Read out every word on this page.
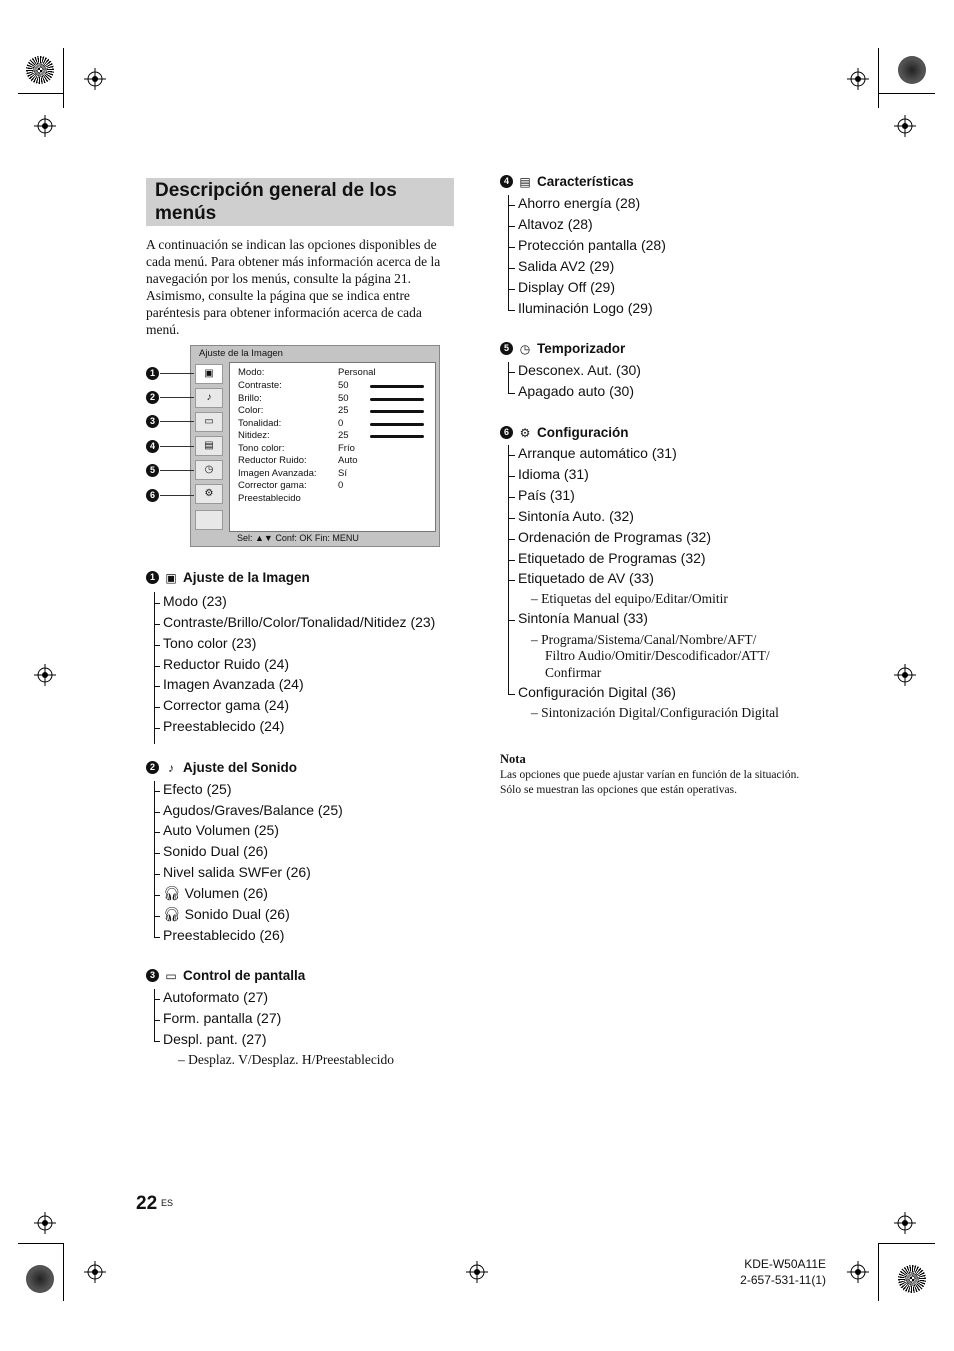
Descripción general de los
menús
A continuación se indican las opciones disponibles de cada menú. Para obtener más información acerca de la navegación por los menús, consulte la página 21. Asimismo, consulte la página que se indica entre paréntesis para obtener información acerca de cada menú.
Ajuste de la Imagen
▣
♪
▭
▤
◷
⚙
Modo:	Personal
Contraste:	50
Brillo:	50
Color:	25
Tonalidad:	0
Nitidez:	25
Tono color:	Frío
Reductor Ruido:	Auto
Imagen Avanzada: Sí
Corrector gama:	0
Preestablecido
Sel: ▲▼ Conf: OK Fin: MENU
1
2
3
4
5
6
1 ▣ Ajuste de la Imagen
Modo (23)
Contraste/Brillo/Color/Tonalidad/Nitidez (23)
Tono color (23)
Reductor Ruido (24)
Imagen Avanzada (24)
Corrector gama (24)
Preestablecido (24)
2	♪ Ajuste del Sonido
Efecto (25)
Agudos/Graves/Balance (25)
Auto Volumen (25)
Sonido Dual (26)
Nivel salida SWFer (26)
🎧︎ Volumen (26)
🎧︎ Sonido Dual (26)
Preestablecido (26)
3 ▭ Control de pantalla
Autoformato (27)
Form. pantalla (27)
Despl. pant. (27)
– Desplaz. V/Desplaz. H/Preestablecido
4 ▤ Características
Ahorro energía (28)
Altavoz (28)
Protección pantalla (28)
Salida AV2 (29)
Display Off (29)
Iluminación Logo (29)
5 ◷ Temporizador
Desconex. Aut. (30)
Apagado auto (30)
6 ⚙ Configuración
Arranque automático (31)
Idioma (31)
País (31)
Sintonía Auto. (32)
Ordenación de Programas (32)
Etiquetado de Programas (32)
Etiquetado de AV (33)
– Etiquetas del equipo/Editar/Omitir
Sintonía Manual (33)
– Programa/Sistema/Canal/Nombre/AFT/
Filtro Audio/Omitir/Descodificador/ATT/
Confirmar
Configuración Digital (36)
– Sintonización Digital/Configuración Digital
Nota
Las opciones que puede ajustar varían en función de la situación. Sólo se muestran las opciones que están operativas.
22 ES
KDE-W50A11E
2-657-531-11(1)
